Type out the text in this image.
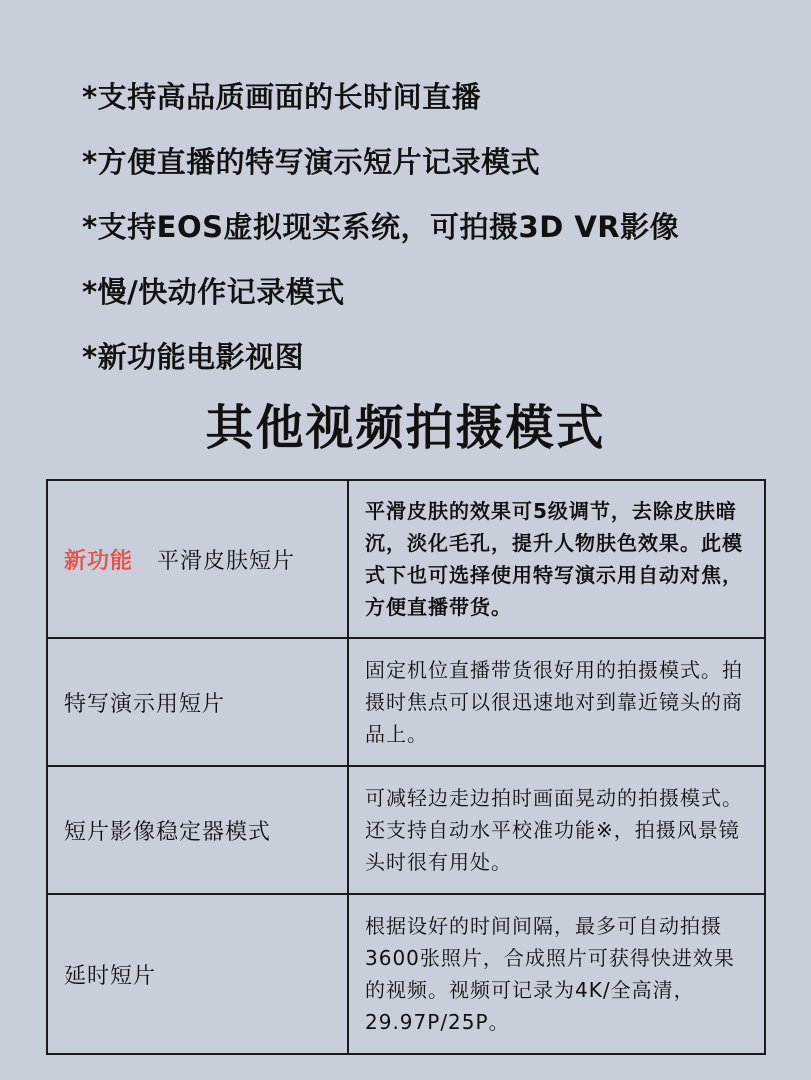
*支持高品质画面的长时间直播
*方便直播的特写演示短片记录模式
*支持EOS虚拟现实系统，可拍摄3D VR影像
*慢/快动作记录模式
*新功能电影视图
其他视频拍摄模式
新功能 平滑皮肤短片	平滑皮肤的效果可5级调节，去除皮肤暗沉，淡化毛孔，提升人物肤色效果。此模式下也可选择使用特写演示用自动对焦，方便直播带货。
特写演示用短片	固定机位直播带货很好用的拍摄模式。拍摄时焦点可以很迅速地对到靠近镜头的商品上。
短片影像稳定器模式	可减轻边走边拍时画面晃动的拍摄模式。还支持自动水平校准功能※，拍摄风景镜头时很有用处。
延时短片	根据设好的时间间隔，最多可自动拍摄3600张照片，合成照片可获得快进效果的视频。视频可记录为4K/全高清，29.97P/25P。
